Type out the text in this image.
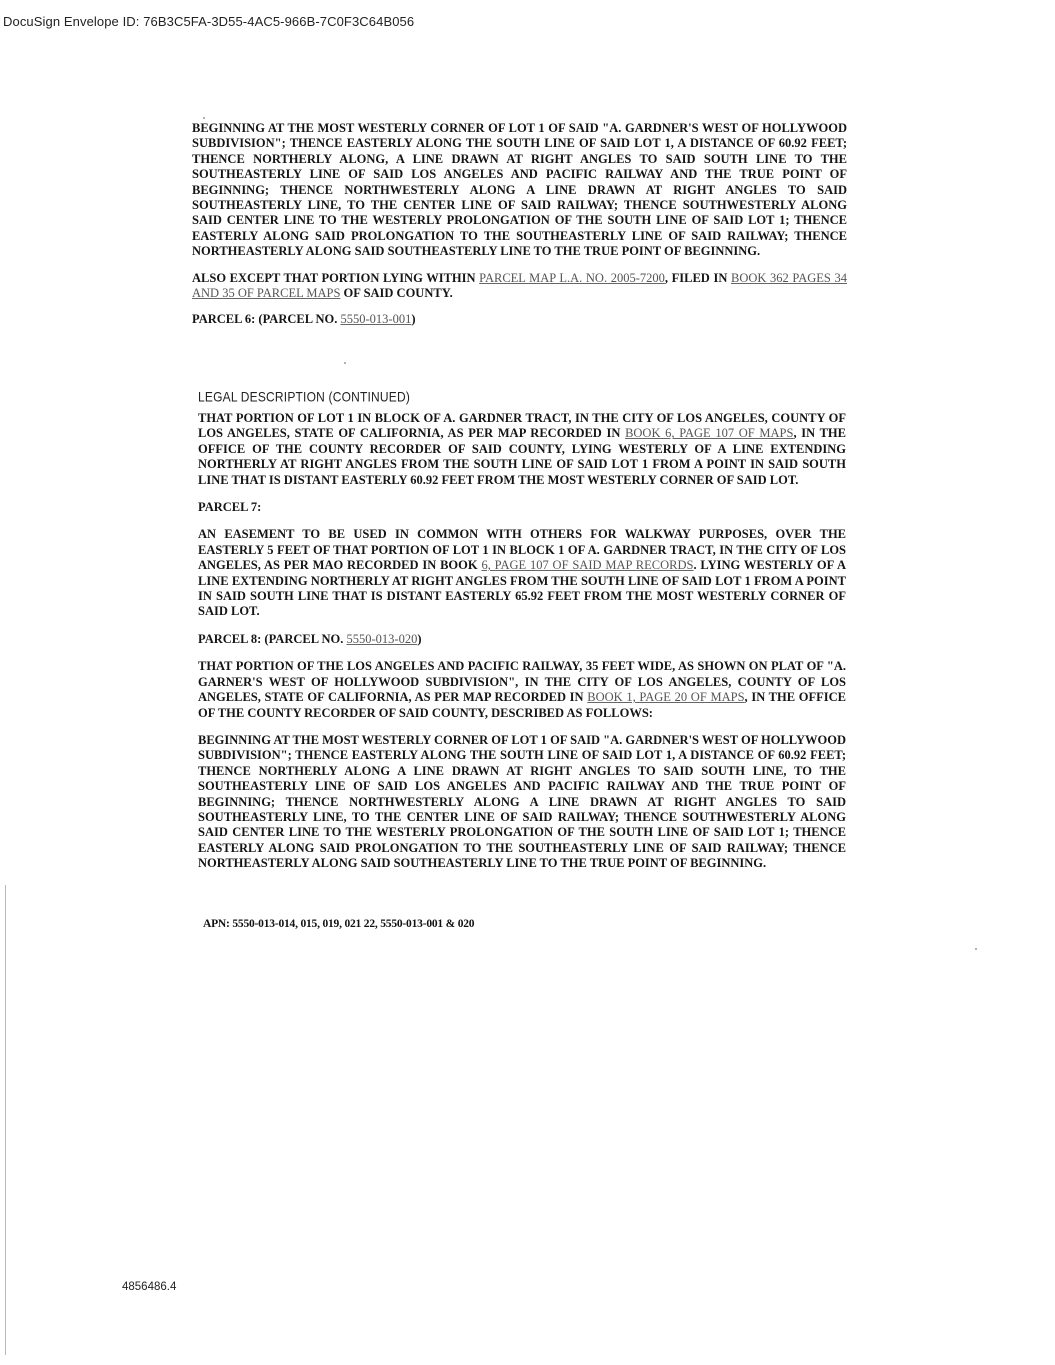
DocuSign Envelope ID: 76B3C5FA-3D55-4AC5-966B-7C0F3C64B056

BEGINNING AT THE MOST WESTERLY CORNER OF LOT 1 OF SAID "A. GARDNER'S WEST OF HOLLYWOOD SUBDIVISION"; THENCE EASTERLY ALONG THE SOUTH LINE OF SAID LOT 1, A DISTANCE OF 60.92 FEET; THENCE NORTHERLY ALONG, A LINE DRAWN AT RIGHT ANGLES TO SAID SOUTH LINE TO THE SOUTHEASTERLY LINE OF SAID LOS ANGELES AND PACIFIC RAILWAY AND THE TRUE POINT OF BEGINNING; THENCE NORTHWESTERLY ALONG A LINE DRAWN AT RIGHT ANGLES TO SAID SOUTHEASTERLY LINE, TO THE CENTER LINE OF SAID RAILWAY; THENCE SOUTHWESTERLY ALONG SAID CENTER LINE TO THE WESTERLY PROLONGATION OF THE SOUTH LINE OF SAID LOT 1; THENCE EASTERLY ALONG SAID PROLONGATION TO THE SOUTHEASTERLY LINE OF SAID RAILWAY; THENCE NORTHEASTERLY ALONG SAID SOUTHEASTERLY LINE TO THE TRUE POINT OF BEGINNING.

ALSO EXCEPT THAT PORTION LYING WITHIN PARCEL MAP L.A. NO. 2005-7200, FILED IN BOOK 362 PAGES 34 AND 35 OF PARCEL MAPS OF SAID COUNTY.

PARCEL 6: (PARCEL NO. 5550-013-001)

LEGAL DESCRIPTION (CONTINUED)

THAT PORTION OF LOT 1 IN BLOCK OF A. GARDNER TRACT, IN THE CITY OF LOS ANGELES, COUNTY OF LOS ANGELES, STATE OF CALIFORNIA, AS PER MAP RECORDED IN BOOK 6, PAGE 107 OF MAPS, IN THE OFFICE OF THE COUNTY RECORDER OF SAID COUNTY, LYING WESTERLY OF A LINE EXTENDING NORTHERLY AT RIGHT ANGLES FROM THE SOUTH LINE OF SAID LOT 1 FROM A POINT IN SAID SOUTH LINE THAT IS DISTANT EASTERLY 60.92 FEET FROM THE MOST WESTERLY CORNER OF SAID LOT.

PARCEL 7:

AN EASEMENT TO BE USED IN COMMON WITH OTHERS FOR WALKWAY PURPOSES, OVER THE EASTERLY 5 FEET OF THAT PORTION OF LOT 1 IN BLOCK 1 OF A. GARDNER TRACT, IN THE CITY OF LOS ANGELES, AS PER MAO RECORDED IN BOOK 6, PAGE 107 OF SAID MAP RECORDS. LYING WESTERLY OF A LINE EXTENDING NORTHERLY AT RIGHT ANGLES FROM THE SOUTH LINE OF SAID LOT 1 FROM A POINT IN SAID SOUTH LINE THAT IS DISTANT EASTERLY 65.92 FEET FROM THE MOST WESTERLY CORNER OF SAID LOT.

PARCEL 8: (PARCEL NO. 5550-013-020)

THAT PORTION OF THE LOS ANGELES AND PACIFIC RAILWAY, 35 FEET WIDE, AS SHOWN ON PLAT OF "A. GARNER'S WEST OF HOLLYWOOD SUBDIVISION", IN THE CITY OF LOS ANGELES, COUNTY OF LOS ANGELES, STATE OF CALIFORNIA, AS PER MAP RECORDED IN BOOK 1, PAGE 20 OF MAPS, IN THE OFFICE OF THE COUNTY RECORDER OF SAID COUNTY, DESCRIBED AS FOLLOWS:

BEGINNING AT THE MOST WESTERLY CORNER OF LOT 1 OF SAID "A. GARDNER'S WEST OF HOLLYWOOD SUBDIVISION"; THENCE EASTERLY ALONG THE SOUTH LINE OF SAID LOT 1, A DISTANCE OF 60.92 FEET; THENCE NORTHERLY ALONG A LINE DRAWN AT RIGHT ANGLES TO SAID SOUTH LINE, TO THE SOUTHEASTERLY LINE OF SAID LOS ANGELES AND PACIFIC RAILWAY AND THE TRUE POINT OF BEGINNING; THENCE NORTHWESTERLY ALONG A LINE DRAWN AT RIGHT ANGLES TO SAID SOUTHEASTERLY LINE, TO THE CENTER LINE OF SAID RAILWAY; THENCE SOUTHWESTERLY ALONG SAID CENTER LINE TO THE WESTERLY PROLONGATION OF THE SOUTH LINE OF SAID LOT 1; THENCE EASTERLY ALONG SAID PROLONGATION TO THE SOUTHEASTERLY LINE OF SAID RAILWAY; THENCE NORTHEASTERLY ALONG SAID SOUTHEASTERLY LINE TO THE TRUE POINT OF BEGINNING.

APN: 5550-013-014, 015, 019, 021 22, 5550-013-001 & 020
4856486.4
